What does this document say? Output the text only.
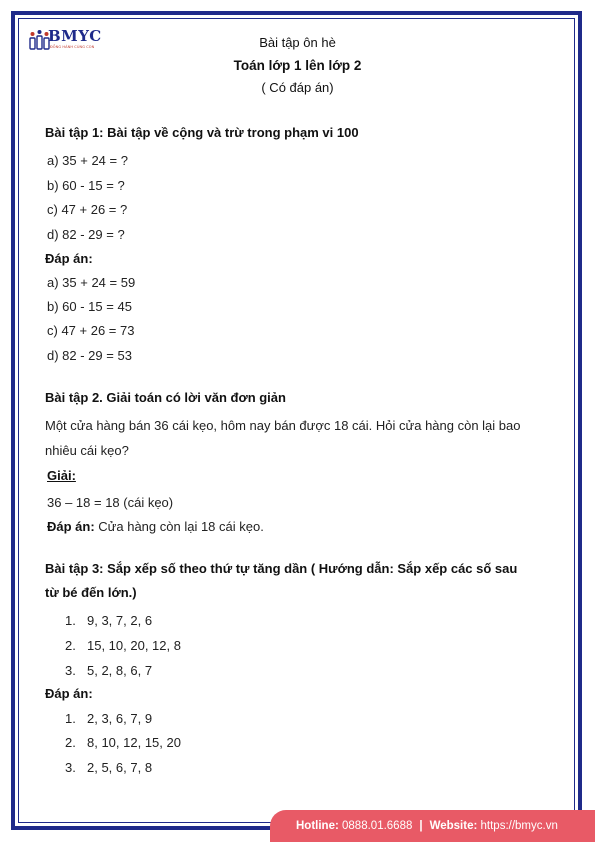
BMYC
ĐỒNG HÀNH CÙNG CON	Bài tập ôn hè
Toán lớp 1 lên lớp 2
( Có đáp án)
Bài tập 1: Bài tập về cộng và trừ trong phạm vi 100
a) 35 + 24 = ?
b) 60 - 15 = ?
c) 47 + 26 = ?
d) 82 - 29 = ?
Đáp án:
a) 35 + 24 = 59
b) 60 - 15 = 45
c) 47 + 26 = 73
d) 82 - 29 = 53
Bài tập 2. Giải toán có lời văn đơn giản
Một cửa hàng bán 36 cái kẹo, hôm nay bán được 18 cái. Hỏi cửa hàng còn lại bao
nhiêu cái kẹo?
Giải:
36 – 18 = 18 (cái kẹo)
Đáp án: Cửa hàng còn lại 18 cái kẹo.
Bài tập 3: Sắp xếp số theo thứ tự tăng dần ( Hướng dẫn: Sắp xếp các số sau
từ bé đến lớn.)
1. 9, 3, 7, 2, 6
2. 15, 10, 20, 12, 8
3. 5, 2, 8, 6, 7
Đáp án:
1. 2, 3, 6, 7, 9
2. 8, 10, 12, 15, 20
3. 2, 5, 6, 7, 8
Hotline:
0888.01.6688 | Website:
https://bmyc.vn
